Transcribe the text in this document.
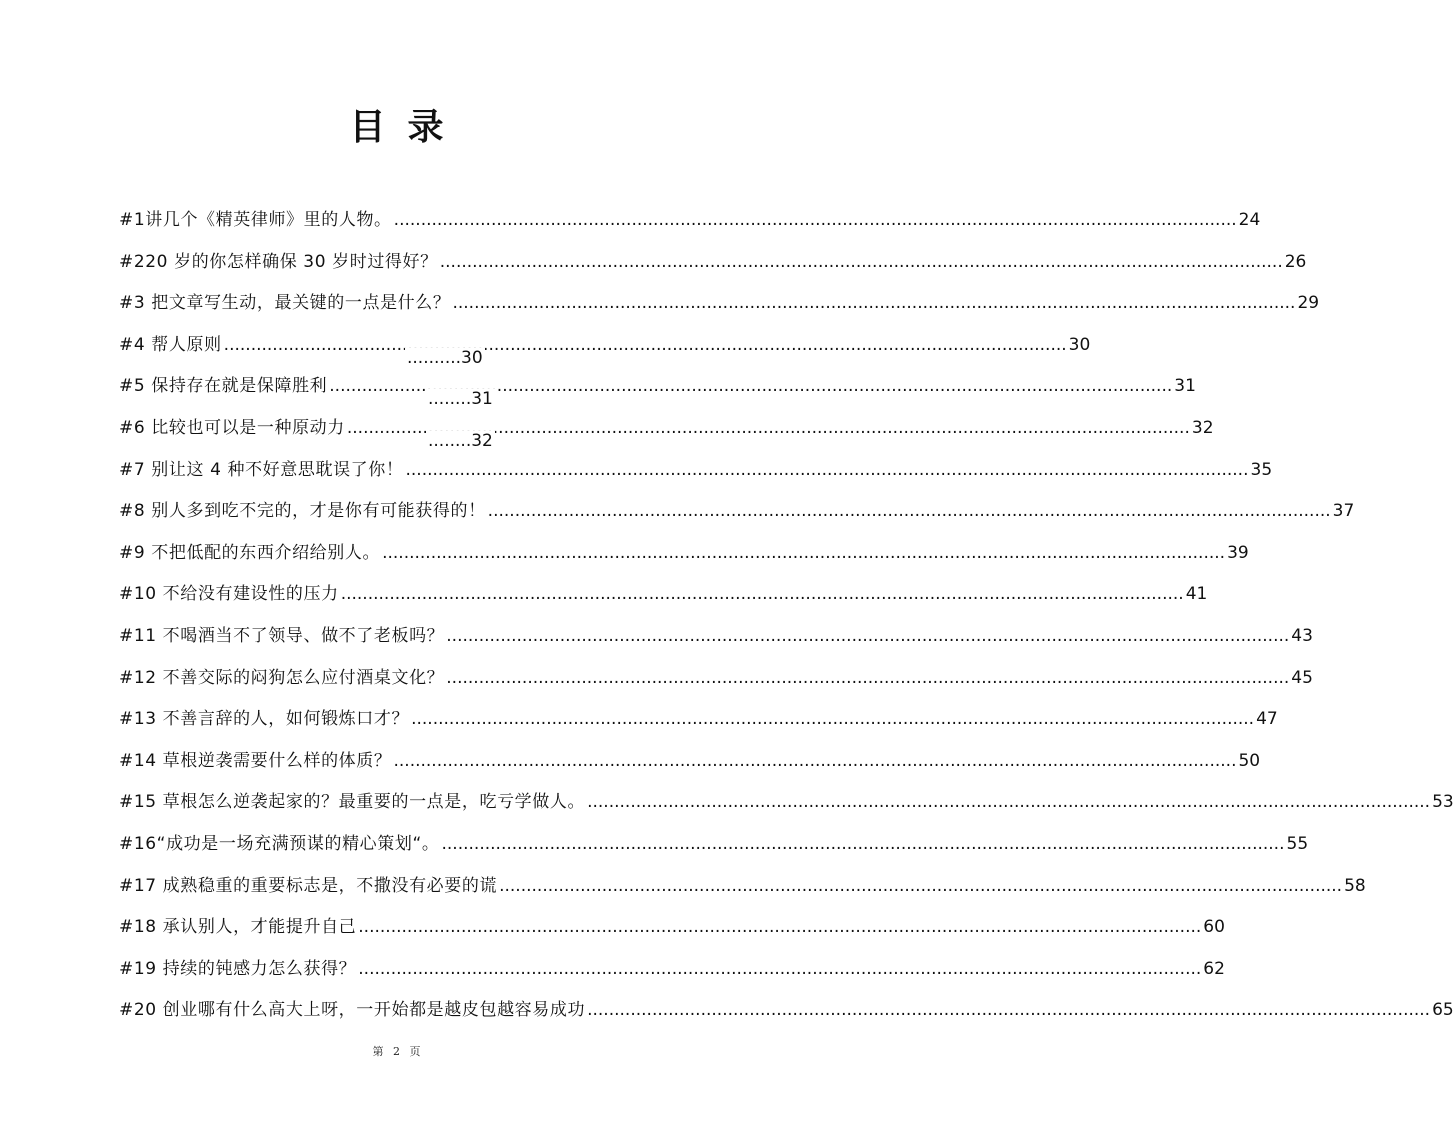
目录
#1讲几个《精英律师》里的人物。 .....	24
#220 岁的你怎样确保 30 岁时过得好？ .....	26
#3 把文章写生动，最关键的一点是什么？ .....	29
#4 帮人原则 .....	30
#5 保持存在就是保障胜利 .....	31
#6 比较也可以是一种原动力 .....	32
#7 别让这 4 种不好意思耽误了你！ .....	35
#8 别人多到吃不完的，才是你有可能获得的！ .....	37
#9 不把低配的东西介绍给别人。 .....	39
#10 不给没有建设性的压力 .....	41
#11 不喝酒当不了领导、做不了老板吗？ .....	43
#12 不善交际的闷狗怎么应付酒桌文化？ .....	45
#13 不善言辞的人，如何锻炼口才？ .....	47
#14 草根逆袭需要什么样的体质？ .....	50
#15 草根怎么逆袭起家的？最重要的一点是，吃亏学做人。 .....	53
#16“成功是一场充满预谋的精心策划“。 .....	55
#17 成熟稳重的重要标志是，不撒没有必要的谎 .....	58
#18 承认别人，才能提升自己 .....	60
#19 持续的钝感力怎么获得？ .....	62
#20 创业哪有什么高大上呀，一开始都是越皮包越容易成功 .....	65
..........30
........31
........32
第 2 页
